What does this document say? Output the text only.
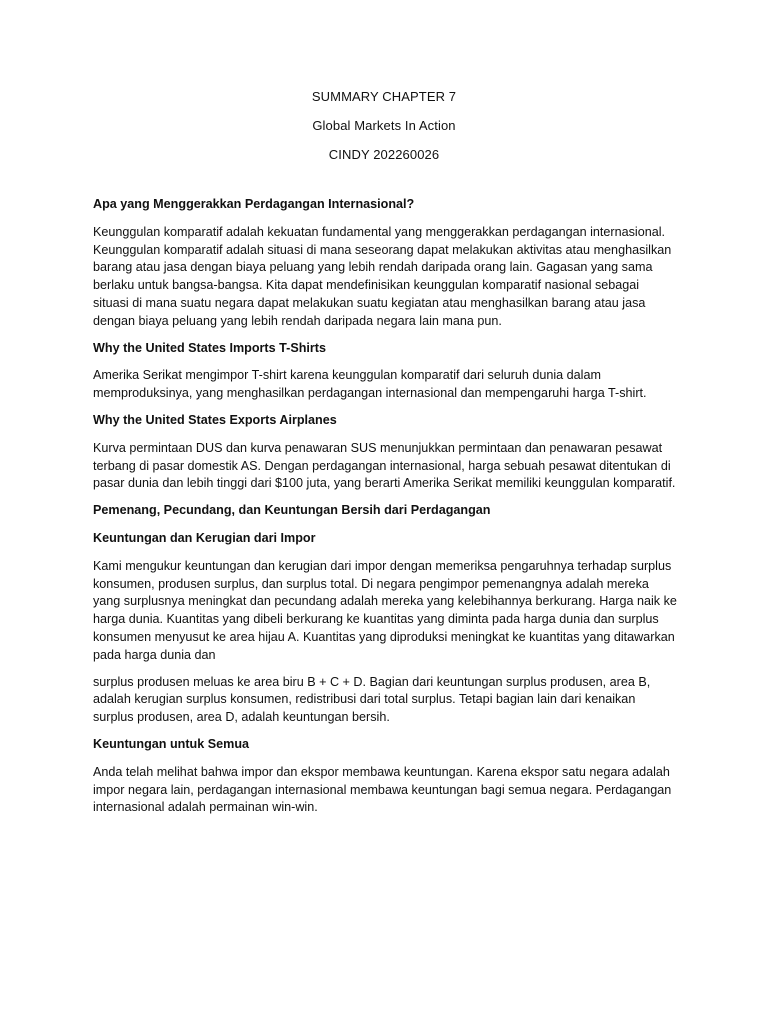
SUMMARY CHAPTER 7
Global Markets In Action
CINDY 202260026
Apa yang Menggerakkan Perdagangan Internasional?

Keunggulan komparatif adalah kekuatan fundamental yang menggerakkan perdagangan internasional. Keunggulan komparatif adalah situasi di mana seseorang dapat melakukan aktivitas atau menghasilkan barang atau jasa dengan biaya peluang yang lebih rendah daripada orang lain. Gagasan yang sama berlaku untuk bangsa-bangsa. Kita dapat mendefinisikan keunggulan komparatif nasional sebagai situasi di mana suatu negara dapat melakukan suatu kegiatan atau menghasilkan barang atau jasa dengan biaya peluang yang lebih rendah daripada negara lain mana pun.

Why the United States Imports T-Shirts

Amerika Serikat mengimpor T-shirt karena keunggulan komparatif dari seluruh dunia dalam memproduksinya, yang menghasilkan perdagangan internasional dan mempengaruhi harga T-shirt.

Why the United States Exports Airplanes

Kurva permintaan DUS dan kurva penawaran SUS menunjukkan permintaan dan penawaran pesawat terbang di pasar domestik AS. Dengan perdagangan internasional, harga sebuah pesawat ditentukan di pasar dunia dan lebih tinggi dari $100 juta, yang berarti Amerika Serikat memiliki keunggulan komparatif.

Pemenang, Pecundang, dan Keuntungan Bersih dari Perdagangan
Keuntungan dan Kerugian dari Impor

Kami mengukur keuntungan dan kerugian dari impor dengan memeriksa pengaruhnya terhadap surplus konsumen, produsen surplus, dan surplus total. Di negara pengimpor pemenangnya adalah mereka yang surplusnya meningkat dan pecundang adalah mereka yang kelebihannya berkurang. Harga naik ke harga dunia. Kuantitas yang dibeli berkurang ke kuantitas yang diminta pada harga dunia dan surplus konsumen menyusut ke area hijau A. Kuantitas yang diproduksi meningkat ke kuantitas yang ditawarkan pada harga dunia dan

surplus produsen meluas ke area biru B + C + D. Bagian dari keuntungan surplus produsen, area B, adalah kerugian surplus konsumen, redistribusi dari total surplus. Tetapi bagian lain dari kenaikan surplus produsen, area D, adalah keuntungan bersih.

Keuntungan untuk Semua

Anda telah melihat bahwa impor dan ekspor membawa keuntungan. Karena ekspor satu negara adalah impor negara lain, perdagangan internasional membawa keuntungan bagi semua negara. Perdagangan internasional adalah permainan win-win.
